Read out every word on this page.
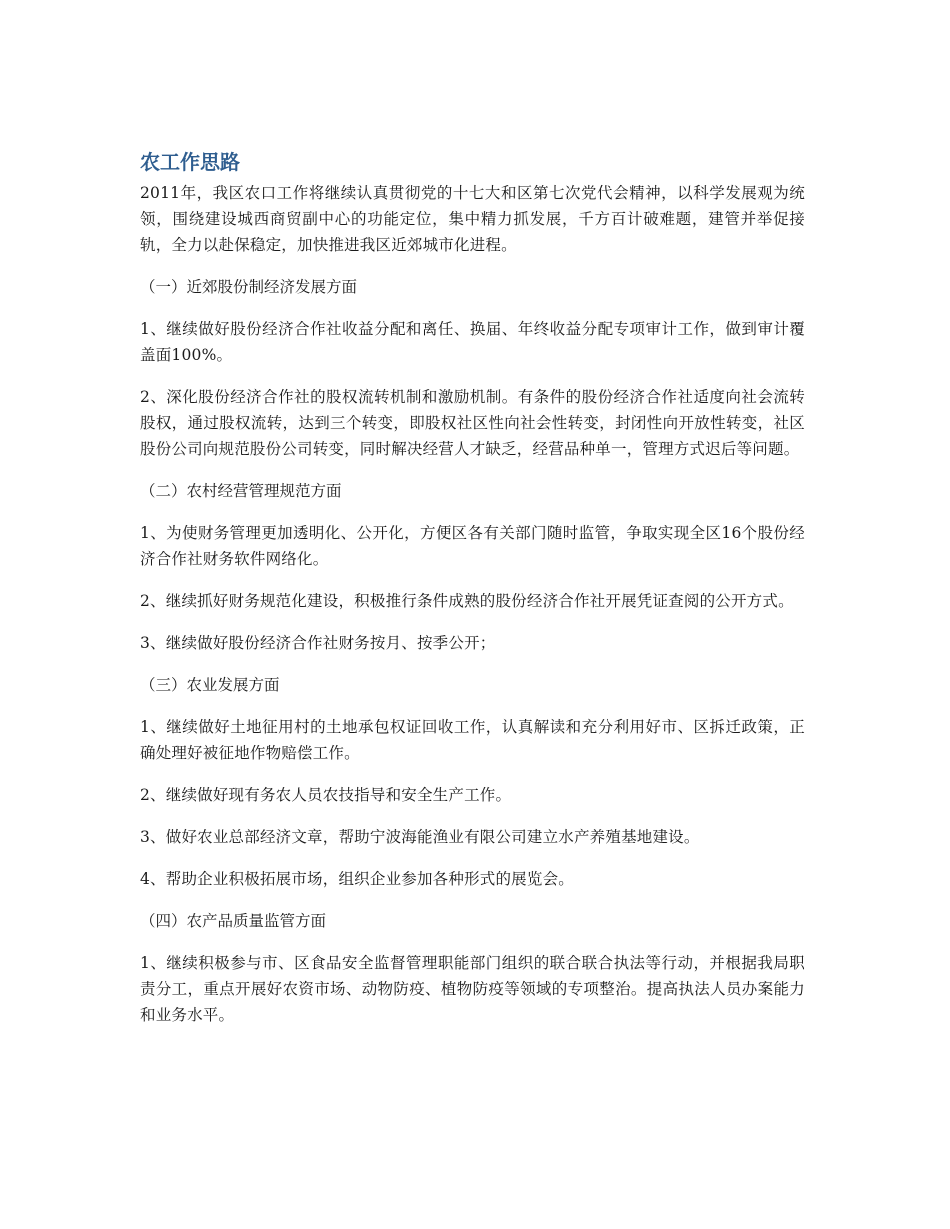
农工作思路

2011年，我区农口工作将继续认真贯彻党的十七大和区第七次党代会精神，以科学发展观为统领，围绕建设城西商贸副中心的功能定位，集中精力抓发展，千方百计破难题，建管并举促接轨，全力以赴保稳定，加快推进我区近郊城市化进程。

（一）近郊股份制经济发展方面

1、继续做好股份经济合作社收益分配和离任、换届、年终收益分配专项审计工作，做到审计覆盖面100%。

2、深化股份经济合作社的股权流转机制和激励机制。有条件的股份经济合作社适度向社会流转股权，通过股权流转，达到三个转变，即股权社区性向社会性转变，封闭性向开放性转变，社区股份公司向规范股份公司转变，同时解决经营人才缺乏，经营品种单一，管理方式迟后等问题。

（二）农村经营管理规范方面

1、为使财务管理更加透明化、公开化，方便区各有关部门随时监管，争取实现全区16个股份经济合作社财务软件网络化。

2、继续抓好财务规范化建设，积极推行条件成熟的股份经济合作社开展凭证查阅的公开方式。

3、继续做好股份经济合作社财务按月、按季公开；

（三）农业发展方面

1、继续做好土地征用村的土地承包权证回收工作，认真解读和充分利用好市、区拆迁政策，正确处理好被征地作物赔偿工作。

2、继续做好现有务农人员农技指导和安全生产工作。

3、做好农业总部经济文章，帮助宁波海能渔业有限公司建立水产养殖基地建设。

4、帮助企业积极拓展市场，组织企业参加各种形式的展览会。

（四）农产品质量监管方面

1、继续积极参与市、区食品安全监督管理职能部门组织的联合联合执法等行动，并根据我局职责分工，重点开展好农资市场、动物防疫、植物防疫等领域的专项整治。提高执法人员办案能力和业务水平。
